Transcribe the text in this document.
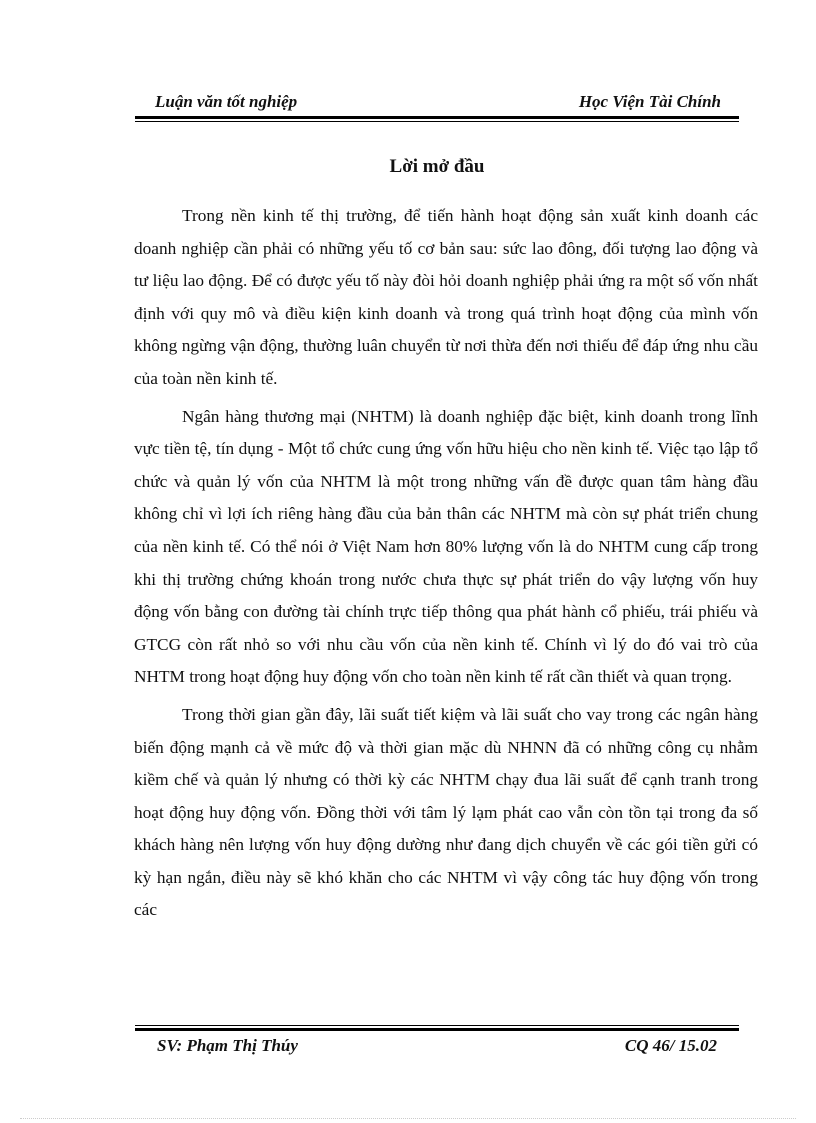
Luận văn tốt nghiệp	Học Viện Tài Chính
Lời mở đầu

Trong nền kinh tế thị trường, để tiến hành hoạt động sản xuất kinh doanh các doanh nghiệp cần phải có những yếu tố cơ bản sau: sức lao đông, đối tượng lao động và tư liệu lao động. Để có được yếu tố này đòi hỏi doanh nghiệp phải ứng ra một số vốn nhất định với quy mô và điều kiện kinh doanh và trong quá trình hoạt động của mình vốn không ngừng vận động, thường luân chuyển từ nơi thừa đến nơi thiếu để đáp ứng nhu cầu của toàn nền kinh tế.

Ngân hàng thương mại (NHTM) là doanh nghiệp đặc biệt, kinh doanh trong lĩnh vực tiền tệ, tín dụng - Một tổ chức cung ứng vốn hữu hiệu cho nền kinh tế. Việc tạo lập tổ chức và quản lý vốn của NHTM là một trong những vấn đề được quan tâm hàng đầu không chỉ vì lợi ích riêng hàng đầu của bản thân các NHTM mà còn sự phát triển chung của nền kinh tế. Có thể nói ở Việt Nam hơn 80% lượng vốn là do NHTM cung cấp trong khi thị trường chứng khoán trong nước chưa thực sự phát triển do vậy lượng vốn huy động vốn bằng con đường tài chính trực tiếp thông qua phát hành cổ phiếu, trái phiếu và GTCG còn rất nhỏ so với nhu cầu vốn của nền kinh tế. Chính vì lý do đó vai trò của NHTM trong hoạt động huy động vốn cho toàn nền kinh tế rất cần thiết và quan trọng.

Trong thời gian gần đây, lãi suất tiết kiệm và lãi suất cho vay trong các ngân hàng biến động mạnh cả về mức độ và thời gian mặc dù NHNN đã có những công cụ nhằm kiềm chế và quản lý nhưng có thời kỳ các NHTM chạy đua lãi suất để cạnh tranh trong hoạt động huy động vốn. Đồng thời với tâm lý lạm phát cao vẫn còn tồn tại trong đa số khách hàng nên lượng vốn huy động dường như đang dịch chuyển về các gói tiền gửi có kỳ hạn ngắn, điều này sẽ khó khăn cho các NHTM vì vậy công tác huy động vốn trong các

SV: Phạm Thị Thúy	CQ 46/ 15.02
